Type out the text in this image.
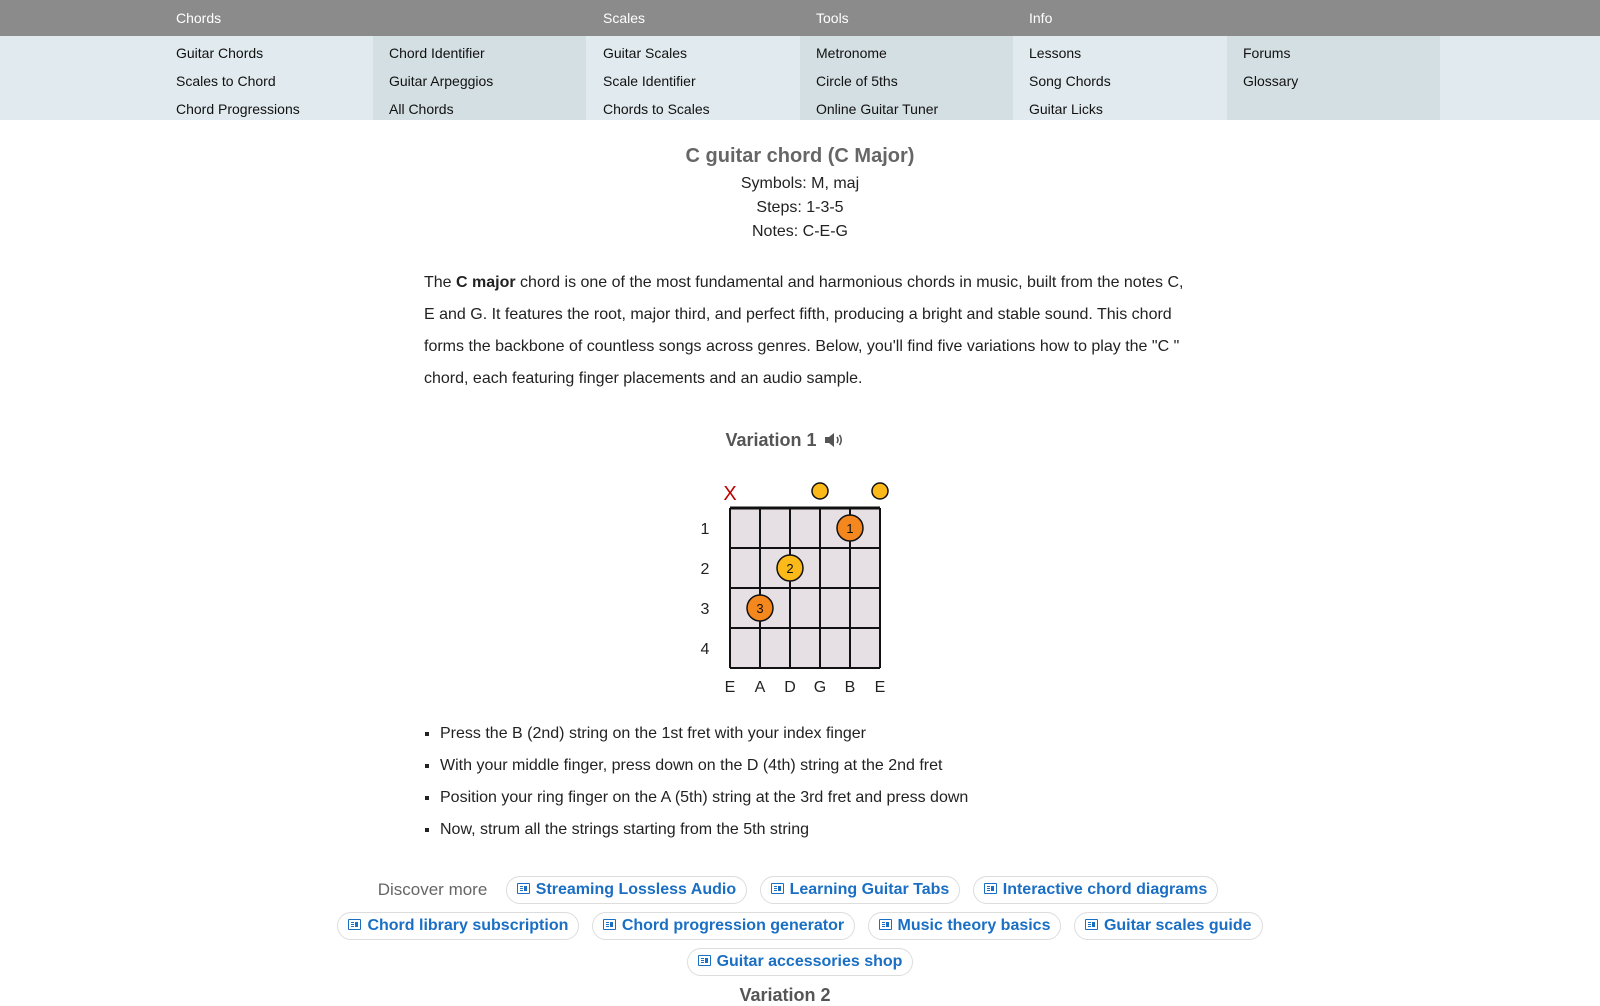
Chords
Guitar Chords
Scales to Chord
Chord Progressions
Chord Identifier
Guitar Arpeggios
All Chords
Scales
Guitar Scales
Scale Identifier
Chords to Scales
Tools
Metronome
Circle of 5ths
Online Guitar Tuner
Info
Lessons
Song Chords
Guitar Licks
Forums
Glossary
C guitar chord (C Major)
Symbols: M, maj
Steps: 1-3-5
Notes: C-E-G

The C major chord is one of the most fundamental and harmonious chords in music, built from the notes C, E and G. It features the root, major third, and perfect fifth, producing a bright and stable sound. This chord forms the backbone of countless songs across genres. Below, you'll find five variations how to play the "C " chord, each featuring finger placements and an audio sample.

Variation 1
1
2
3
4
E A D G B E
X
1
2
3
▪ Press the B (2nd) string on the 1st fret with your index finger
▪ With your middle finger, press down on the D (4th) string at the 2nd fret
▪ Position your ring finger on the A (5th) string at the 3rd fret and press down
▪ Now, strum all the strings starting from the 5th string
Discover more	Streaming Lossless Audio	Learning Guitar Tabs	Interactive chord diagrams
Chord library subscription	Chord progression generator	Music theory basics	Guitar scales guide
Guitar accessories shop
Variation 2
